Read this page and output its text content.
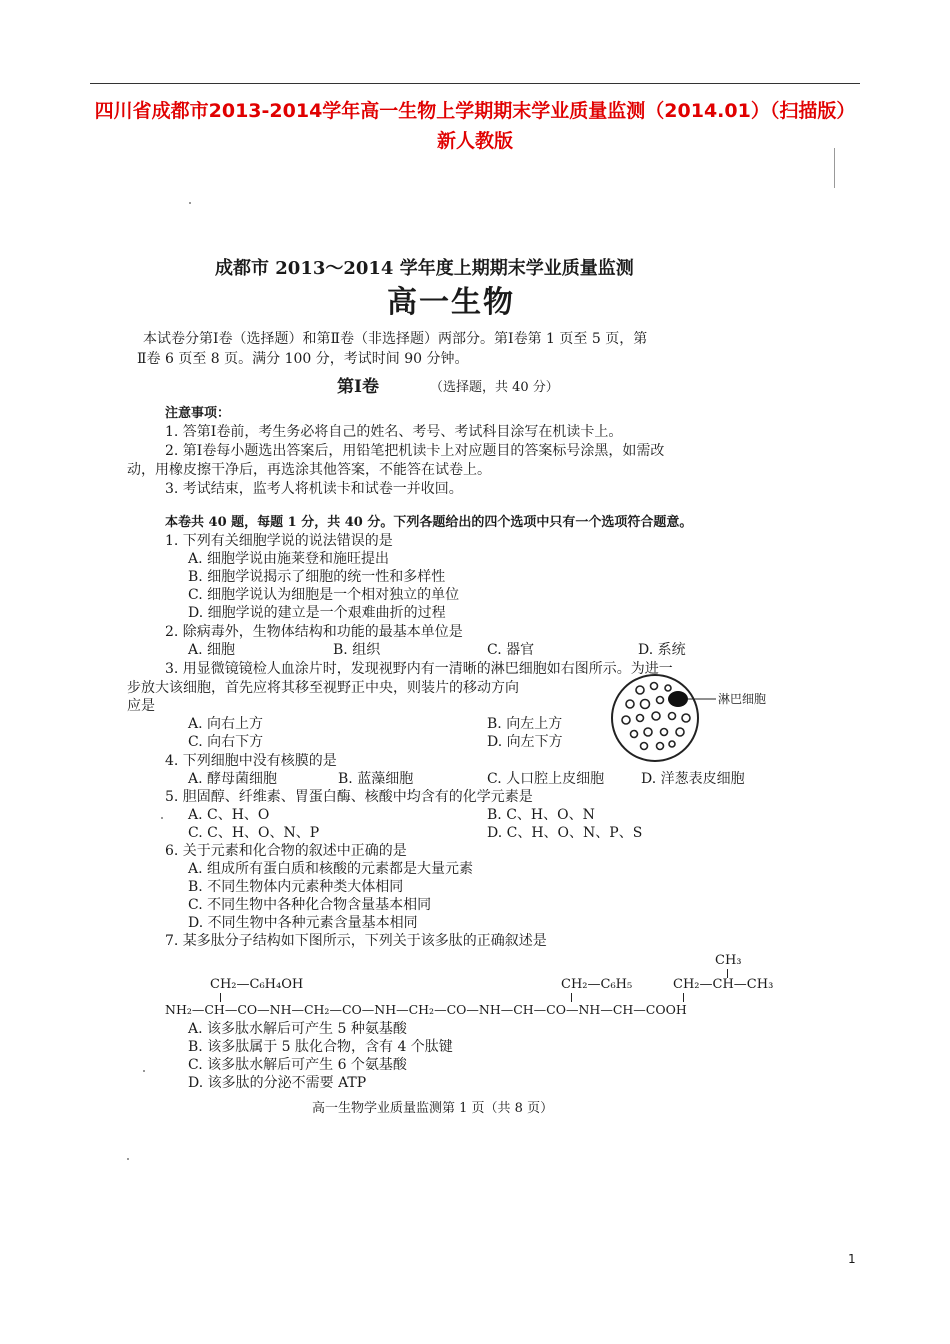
四川省成都市2013-2014学年高一生物上学期期末学业质量监测（2014.01）（扫描版）新人教版
成都市 2013～2014 学年度上期期末学业质量监测
高一生物
本试卷分第Ⅰ卷（选择题）和第Ⅱ卷（非选择题）两部分。第Ⅰ卷第 1 页至 5 页，第
Ⅱ卷 6 页至 8 页。满分 100 分，考试时间 90 分钟。
第Ⅰ卷	（选择题，共 40 分）
注意事项：
1. 答第Ⅰ卷前，考生务必将自己的姓名、考号、考试科目涂写在机读卡上。
2. 第Ⅰ卷每小题选出答案后，用铅笔把机读卡上对应题目的答案标号涂黑，如需改
动，用橡皮擦干净后，再选涂其他答案，不能答在试卷上。
3. 考试结束，监考人将机读卡和试卷一并收回。
本卷共 40 题，每题 1 分，共 40 分。下列各题给出的四个选项中只有一个选项符合题意。
1. 下列有关细胞学说的说法错误的是
A. 细胞学说由施莱登和施旺提出
B. 细胞学说揭示了细胞的统一性和多样性
C. 细胞学说认为细胞是一个相对独立的单位
D. 细胞学说的建立是一个艰难曲折的过程
2. 除病毒外，生物体结构和功能的最基本单位是
A. 细胞	B. 组织	C. 器官	D. 系统
3. 用显微镜镜检人血涂片时，发现视野内有一清晰的淋巴细胞如右图所示。为进一
步放大该细胞，首先应将其移至视野正中央，则装片的移动方向
应是
A. 向右上方	B. 向左上方
C. 向右下方	D. 向左下方
淋巴细胞
4. 下列细胞中没有核膜的是
A. 酵母菌细胞	B. 蓝藻细胞	C. 人口腔上皮细胞	D. 洋葱表皮细胞
5. 胆固醇、纤维素、胃蛋白酶、核酸中均含有的化学元素是
A. C、H、O	B. C、H、O、N
C. C、H、O、N、P	D. C、H、O、N、P、S
6. 关于元素和化合物的叙述中正确的是
A. 组成所有蛋白质和核酸的元素都是大量元素
B. 不同生物体内元素种类大体相同
C. 不同生物中各种化合物含量基本相同
D. 不同生物中各种元素含量基本相同
7. 某多肽分子结构如下图所示，下列关于该多肽的正确叙述是
CH₃
CH₂—C₆H₄OH	CH₂—C₆H₅	CH₂—CH—CH₃
NH₂—CH—CO—NH—CH₂—CO—NH—CH₂—CO—NH—CH—CO—NH—CH—COOH
A. 该多肽水解后可产生 5 种氨基酸
B. 该多肽属于 5 肽化合物，含有 4 个肽键
C. 该多肽水解后可产生 6 个氨基酸
D. 该多肽的分泌不需要 ATP
高一生物学业质量监测第 1 页（共 8 页）
1
